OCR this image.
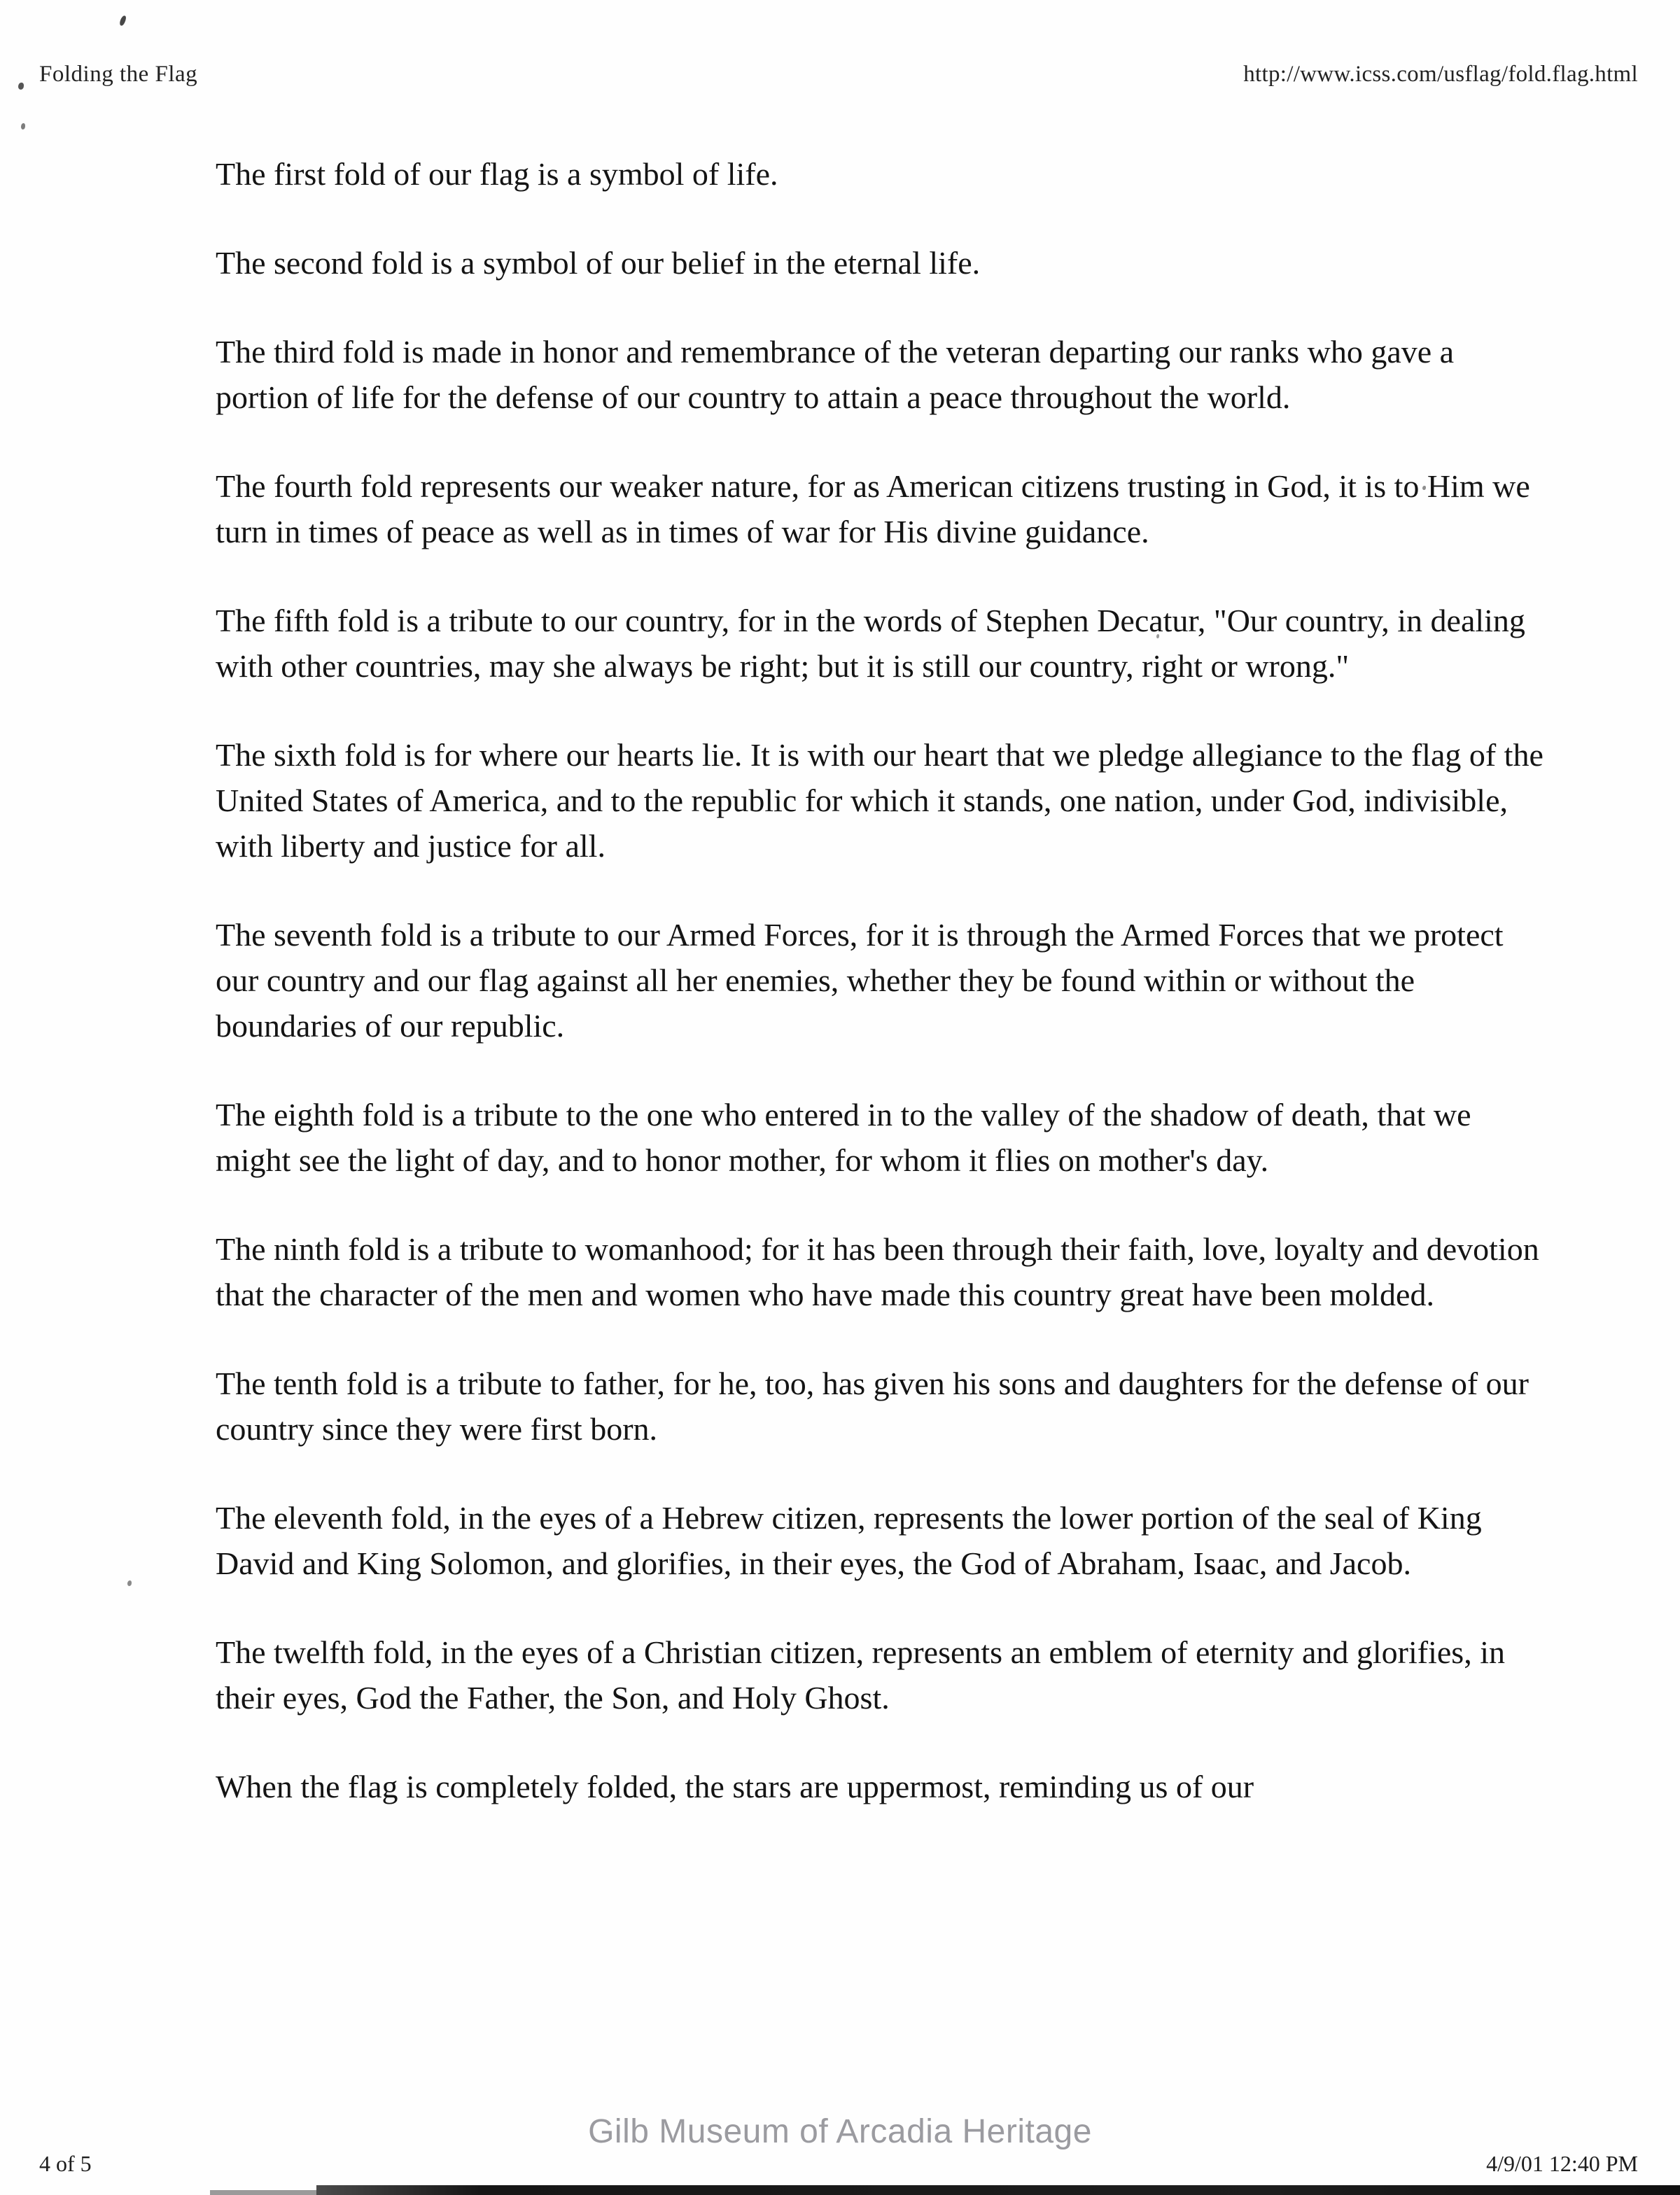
Folding the Flag	http://www.icss.com/usflag/fold.flag.html

The first fold of our flag is a symbol of life.

The second fold is a symbol of our belief in the eternal life.

The third fold is made in honor and remembrance of the veteran departing our ranks who gave a portion of life for the defense of our country to attain a peace throughout the world.

The fourth fold represents our weaker nature, for as American citizens trusting in God, it is to Him we turn in times of peace as well as in times of war for His divine guidance.

The fifth fold is a tribute to our country, for in the words of Stephen Decatur, "Our country, in dealing with other countries, may she always be right; but it is still our country, right or wrong."

The sixth fold is for where our hearts lie. It is with our heart that we pledge allegiance to the flag of the United States of America, and to the republic for which it stands, one nation, under God, indivisible, with liberty and justice for all.

The seventh fold is a tribute to our Armed Forces, for it is through the Armed Forces that we protect our country and our flag against all her enemies, whether they be found within or without the boundaries of our republic.

The eighth fold is a tribute to the one who entered in to the valley of the shadow of death, that we might see the light of day, and to honor mother, for whom it flies on mother's day.

The ninth fold is a tribute to womanhood; for it has been through their faith, love, loyalty and devotion that the character of the men and women who have made this country great have been molded.

The tenth fold is a tribute to father, for he, too, has given his sons and daughters for the defense of our country since they were first born.

The eleventh fold, in the eyes of a Hebrew citizen, represents the lower portion of the seal of King David and King Solomon, and glorifies, in their eyes, the God of Abraham, Isaac, and Jacob.

The twelfth fold, in the eyes of a Christian citizen, represents an emblem of eternity and glorifies, in their eyes, God the Father, the Son, and Holy Ghost.

When the flag is completely folded, the stars are uppermost, reminding us of our

Gilb Museum of Arcadia Heritage
4 of 5	4/9/01 12:40 PM
